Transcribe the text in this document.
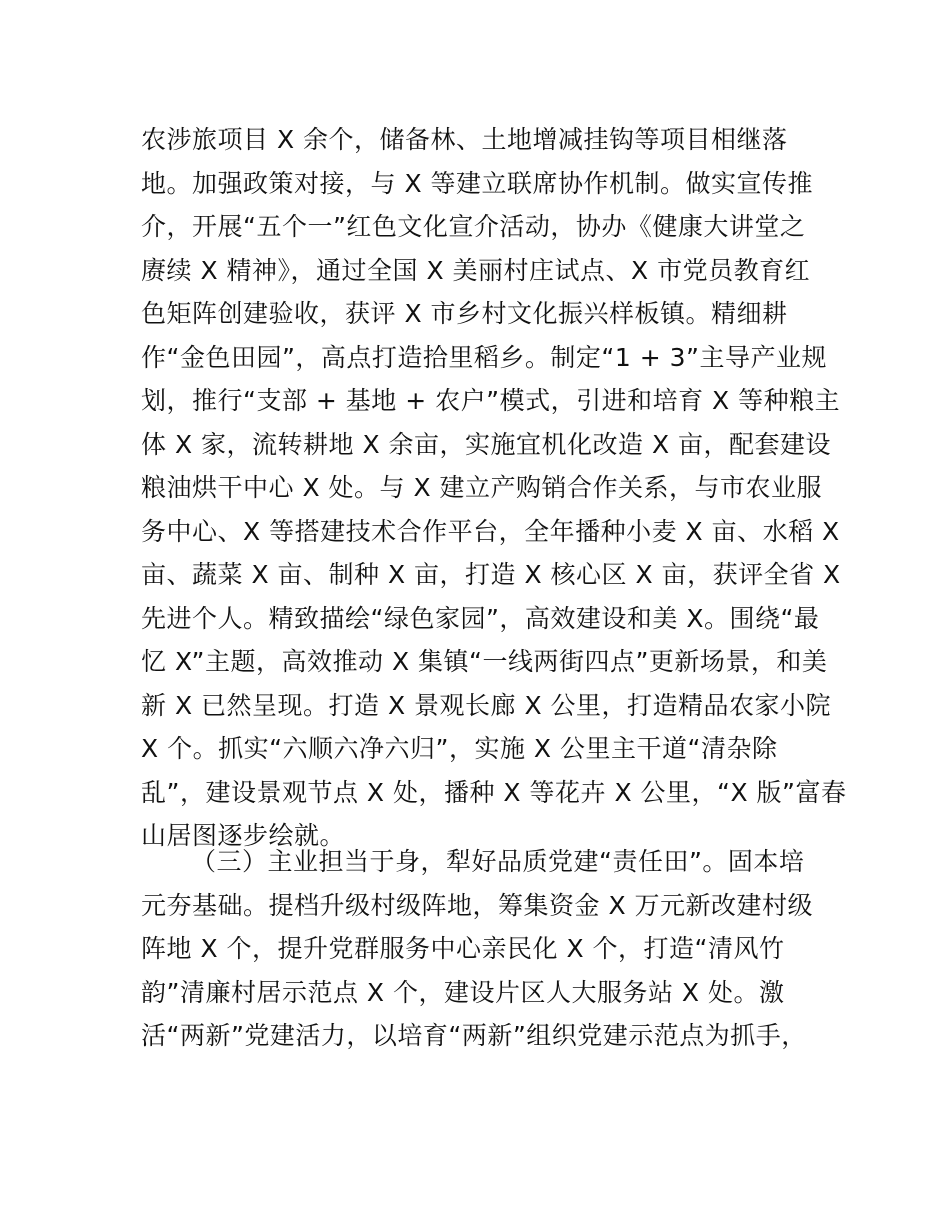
农涉旅项目 X 余个，储备林、土地增减挂钩等项目相继落
地。加强政策对接，与 X 等建立联席协作机制。做实宣传推
介，开展“五个一”红色文化宣介活动，协办《健康大讲堂之
赓续 X 精神》，通过全国 X 美丽村庄试点、X 市党员教育红
色矩阵创建验收，获评 X 市乡村文化振兴样板镇。精细耕
作“金色田园”，高点打造拾里稻乡。制定“1 + 3”主导产业规
划，推行“支部 + 基地 + 农户”模式，引进和培育 X 等种粮主
体 X 家，流转耕地 X 余亩，实施宜机化改造 X 亩，配套建设
粮油烘干中心 X 处。与 X 建立产购销合作关系，与市农业服
务中心、X 等搭建技术合作平台，全年播种小麦 X 亩、水稻 X
亩、蔬菜 X 亩、制种 X 亩，打造 X 核心区 X 亩，获评全省 X
先进个人。精致描绘“绿色家园”，高效建设和美 X。围绕“最
忆 X”主题，高效推动 X 集镇“一线两街四点”更新场景，和美
新 X 已然呈现。打造 X 景观长廊 X 公里，打造精品农家小院
X 个。抓实“六顺六净六归”，实施 X 公里主干道“清杂除
乱”，建设景观节点 X 处，播种 X 等花卉 X 公里，“X 版”富春
山居图逐步绘就。
（三）主业担当于身，犁好品质党建“责任田”。固本培
元夯基础。提档升级村级阵地，筹集资金 X 万元新改建村级
阵地 X 个，提升党群服务中心亲民化 X 个，打造“清风竹
韵”清廉村居示范点 X 个，建设片区人大服务站 X 处。激
活“两新”党建活力，以培育“两新”组织党建示范点为抓手，
